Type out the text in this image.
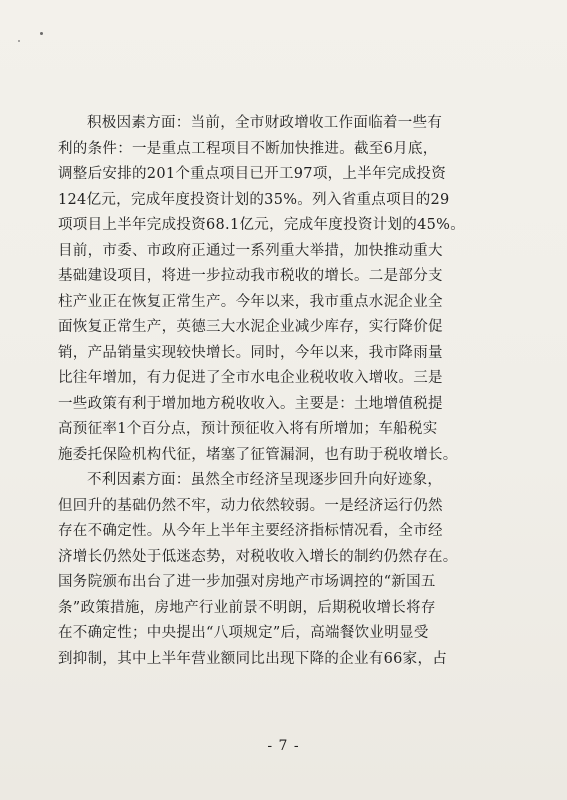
积极因素方面：当前，全市财政增收工作面临着一些有
利的条件：一是重点工程项目不断加快推进。截至6月底，
调整后安排的201个重点项目已开工97项，上半年完成投资
124亿元，完成年度投资计划的35%。列入省重点项目的29
项项目上半年完成投资68.1亿元，完成年度投资计划的45%。
目前，市委、市政府正通过一系列重大举措，加快推动重大
基础建设项目，将进一步拉动我市税收的增长。二是部分支
柱产业正在恢复正常生产。今年以来，我市重点水泥企业全
面恢复正常生产，英德三大水泥企业减少库存，实行降价促
销，产品销量实现较快增长。同时，今年以来，我市降雨量
比往年增加，有力促进了全市水电企业税收收入增收。三是
一些政策有利于增加地方税收收入。主要是：土地增值税提
高预征率1个百分点，预计预征收入将有所增加；车船税实
施委托保险机构代征，堵塞了征管漏洞，也有助于税收增长。

不利因素方面：虽然全市经济呈现逐步回升向好迹象，
但回升的基础仍然不牢，动力依然较弱。一是经济运行仍然
存在不确定性。从今年上半年主要经济指标情况看，全市经
济增长仍然处于低迷态势，对税收收入增长的制约仍然存在。
国务院颁布出台了进一步加强对房地产市场调控的“新国五
条”政策措施，房地产行业前景不明朗，后期税收增长将存
在不确定性；中央提出“八项规定”后，高端餐饮业明显受
到抑制，其中上半年营业额同比出现下降的企业有66家，占

- 7 -
